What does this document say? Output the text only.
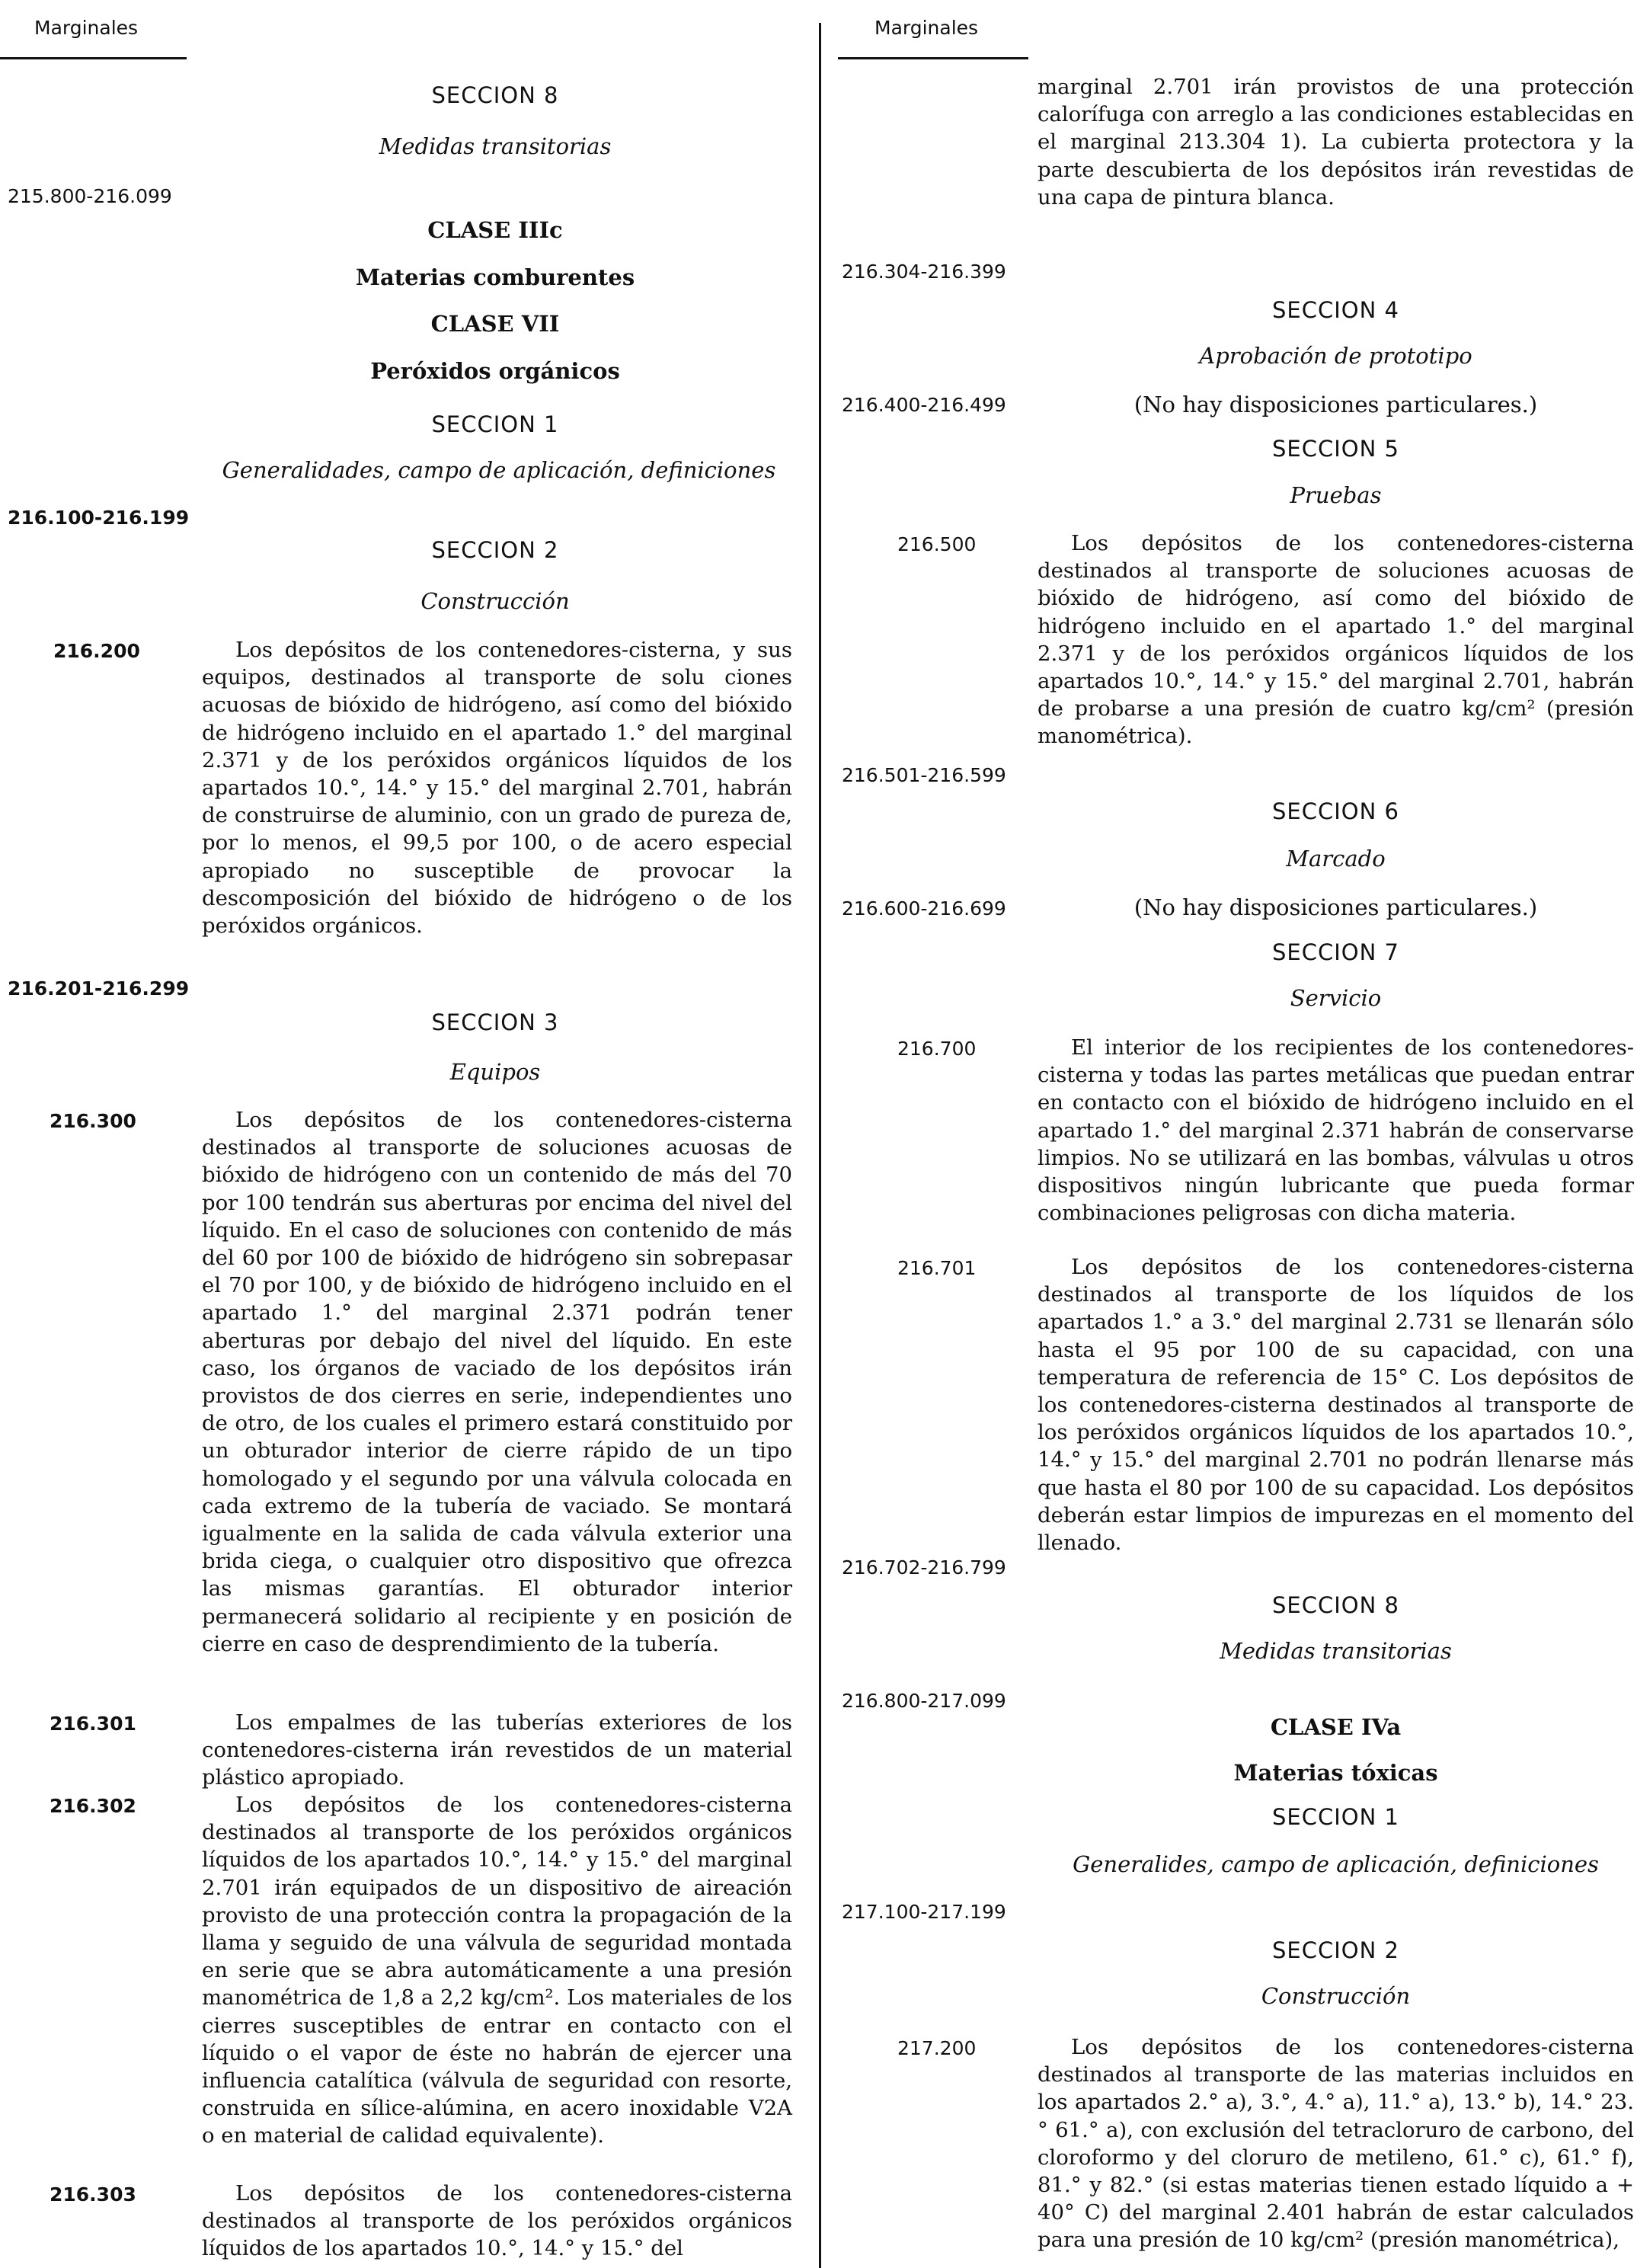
Marginales
SECCION 8
Medidas transitorias
215.800-216.099
CLASE IIIc
Materias comburentes
CLASE VII
Peróxidos orgánicos
SECCION 1
Generalidades, campo de aplicación, definiciones
216.100-216.199
SECCION 2
Construcción
216.200	Los depósitos de los contenedores-cisterna, y sus equipos, destinados al transporte de solu ciones acuosas de bióxido de hidrógeno, así como del bióxido de hidrógeno incluido en el apartado 1.° del marginal 2.371 y de los peróxidos orgánicos líquidos de los apartados 10.°, 14.° y 15.° del marginal 2.701, habrán de construirse de aluminio, con un grado de pureza de, por lo menos, el 99,5 por 100, o de acero especial apropiado no susceptible de provocar la descomposición del bióxido de hidrógeno o de los peróxidos orgánicos.

216.201-216.299
SECCION 3
Equipos
216.300	Los depósitos de los contenedores-cisterna destinados al transporte de soluciones acuosas de bióxido de hidrógeno con un contenido de más del 70 por 100 tendrán sus aberturas por encima del nivel del líquido. En el caso de soluciones con contenido de más del 60 por 100 de bióxido de hidrógeno sin sobrepasar el 70 por 100, y de bióxido de hidrógeno incluido en el apartado 1.° del marginal 2.371 podrán tener aberturas por debajo del nivel del líquido. En este caso, los órganos de vaciado de los depósitos irán provistos de dos cierres en serie, independientes uno de otro, de los cuales el primero estará constituido por un obturador interior de cierre rápido de un tipo homologado y el segundo por una válvula colocada en cada extremo de la tubería de vaciado. Se montará igualmente en la salida de cada válvula exterior una brida ciega, o cualquier otro dispositivo que ofrezca las mismas garantías. El obturador interior permanecerá solidario al recipiente y en posición de cierre en caso de desprendimiento de la tubería.

216.301	Los empalmes de las tuberías exteriores de los contenedores-cisterna irán revestidos de un material plástico apropiado.

216.302	Los depósitos de los contenedores-cisterna destinados al transporte de los peróxidos orgánicos líquidos de los apartados 10.°, 14.° y 15.° del marginal 2.701 irán equipados de un dispositivo de aireación provisto de una protección contra la propagación de la llama y seguido de una válvula de seguridad montada en serie que se abra automáticamente a una presión manométrica de 1,8 a 2,2 kg/cm². Los materiales de los cierres susceptibles de entrar en contacto con el líquido o el vapor de éste no habrán de ejercer una influencia catalítica (válvula de seguridad con resorte, construida en sílice-alúmina, en acero inoxidable V2A o en material de calidad equivalente).

216.303	Los depósitos de los contenedores-cisterna destinados al transporte de los peróxidos orgánicos líquidos de los apartados 10.°, 14.° y 15.° del

Marginales

marginal 2.701 irán provistos de una protección calorífuga con arreglo a las condiciones establecidas en el marginal 213.304 1). La cubierta protectora y la parte descubierta de los depósitos irán revestidas de una capa de pintura blanca.

216.304-216.399
SECCION 4
Aprobación de prototipo
216.400-216.499	(No hay disposiciones particulares.)
SECCION 5
Pruebas
216.500	Los depósitos de los contenedores-cisterna destinados al transporte de soluciones acuosas de bióxido de hidrógeno, así como del bióxido de hidrógeno incluido en el apartado 1.° del marginal 2.371 y de los peróxidos orgánicos líquidos de los apartados 10.°, 14.° y 15.° del marginal 2.701, habrán de probarse a una presión de cuatro kg/cm² (presión manométrica).

216.501-216.599
SECCION 6
Marcado
216.600-216.699	(No hay disposiciones particulares.)
SECCION 7
Servicio
216.700	El interior de los recipientes de los contenedores-cisterna y todas las partes metálicas que puedan entrar en contacto con el bióxido de hidrógeno incluido en el apartado 1.° del marginal 2.371 habrán de conservarse limpios. No se utilizará en las bombas, válvulas u otros dispositivos ningún lubricante que pueda formar combinaciones peligrosas con dicha materia.

216.701	Los depósitos de los contenedores-cisterna destinados al transporte de los líquidos de los apartados 1.° a 3.° del marginal 2.731 se llenarán sólo hasta el 95 por 100 de su capacidad, con una temperatura de referencia de 15° C. Los depósitos de los contenedores-cisterna destinados al transporte de los peróxidos orgánicos líquidos de los apartados 10.°, 14.° y 15.° del marginal 2.701 no podrán llenarse más que hasta el 80 por 100 de su capacidad. Los depósitos deberán estar limpios de impurezas en el momento del llenado.

216.702-216.799
SECCION 8
Medidas transitorias
216.800-217.099
CLASE IVa
Materias tóxicas
SECCION 1
Generalides, campo de aplicación, definiciones
217.100-217.199
SECCION 2
Construcción
217.200	Los depósitos de los contenedores-cisterna destinados al transporte de las materias incluidos en los apartados 2.° a), 3.°, 4.° a), 11.° a), 13.° b), 14.° 23.° 61.° a), con exclusión del tetracloruro de carbono, del cloroformo y del cloruro de metileno, 61.° c), 61.° f), 81.° y 82.° (si estas materias tienen estado líquido a + 40° C) del marginal 2.401 habrán de estar calculados para una presión de 10 kg/cm² (presión manométrica),
